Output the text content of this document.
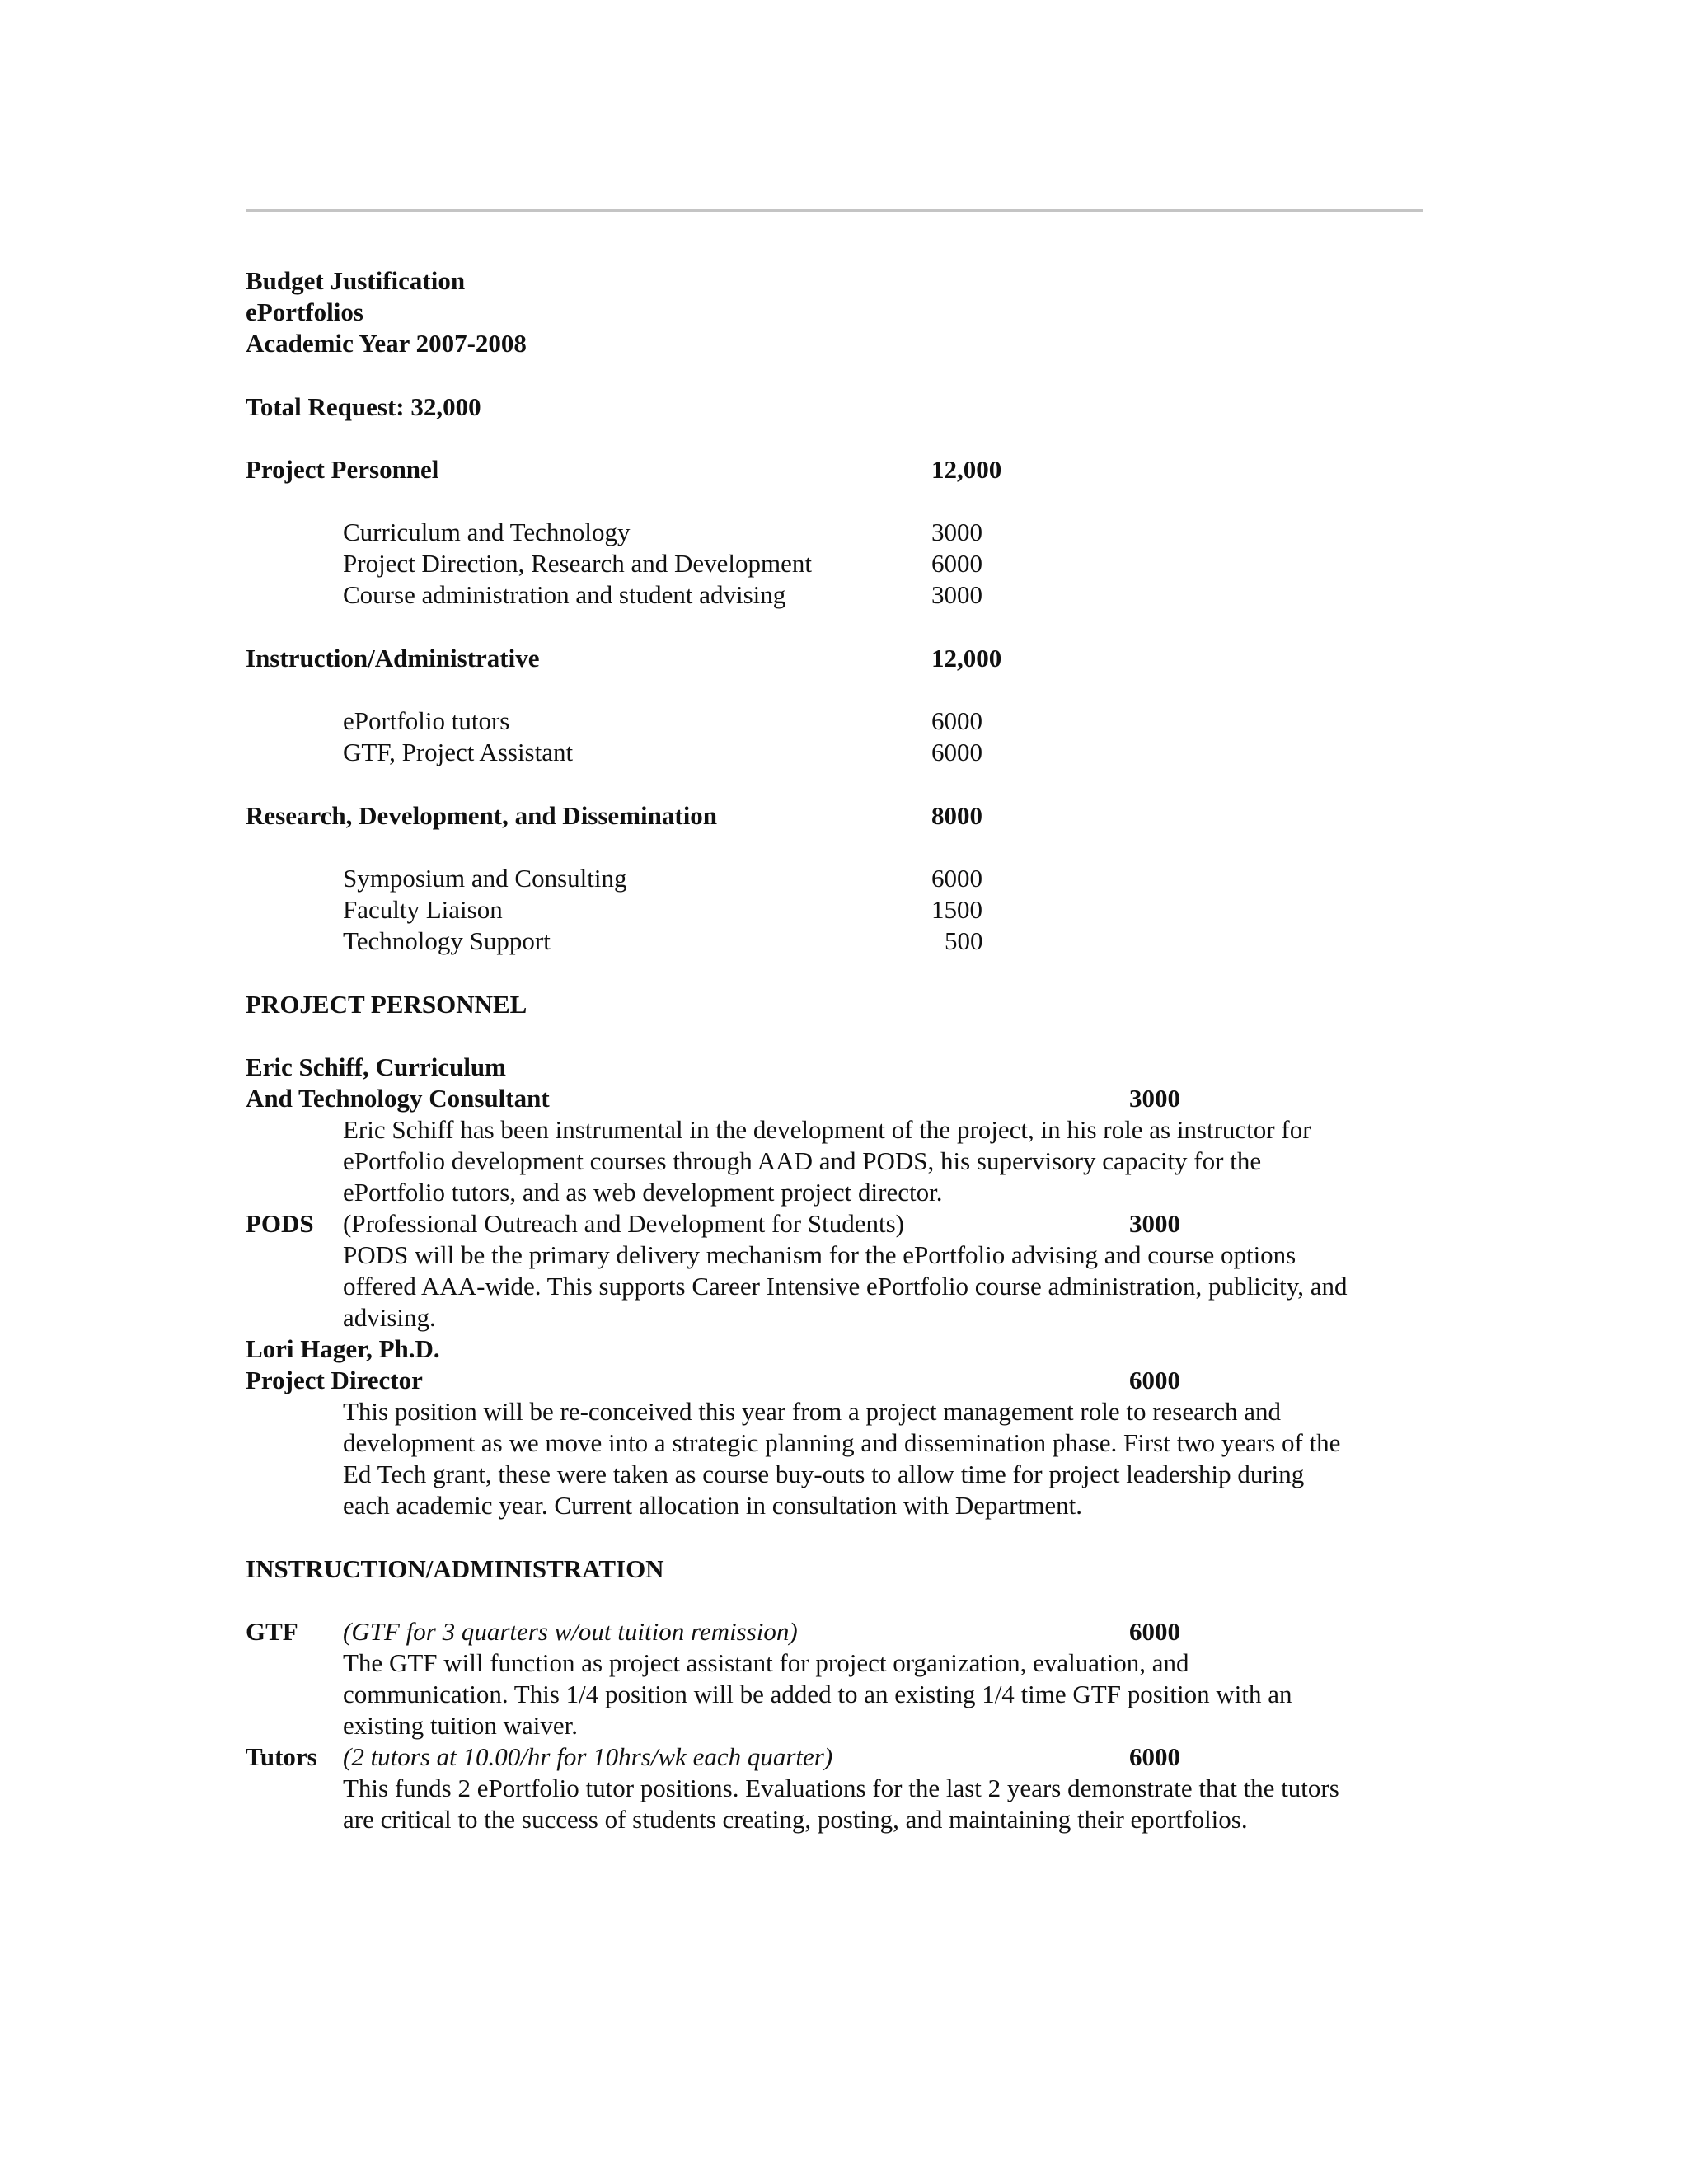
Budget Justification

ePortfolios

Academic Year 2007-2008

Total Request: 32,000

Project Personnel	12,000

Curriculum and Technology	3000

Project Direction, Research and Development	6000

Course administration and student advising	3000

Instruction/Administrative	12,000

ePortfolio tutors	6000

GTF, Project Assistant	6000

Research, Development, and Dissemination	8000

Symposium and Consulting	6000

Faculty Liaison	1500

Technology Support	500

PROJECT PERSONNEL

Eric Schiff, Curriculum

And Technology Consultant	3000

Eric Schiff has been instrumental in the development of the project, in his role as instructor for

ePortfolio development courses through AAD and PODS, his supervisory capacity for the

ePortfolio tutors, and as web development project director.

PODS (Professional Outreach and Development for Students)	3000

PODS will be the primary delivery mechanism for the ePortfolio advising and course options

offered AAA-wide. This supports Career Intensive ePortfolio course administration, publicity, and

advising.

Lori Hager, Ph.D.

Project Director	6000

This position will be re-conceived this year from a project management role to research and

development as we move into a strategic planning and dissemination phase. First two years of the

Ed Tech grant, these were taken as course buy-outs to allow time for project leadership during

each academic year. Current allocation in consultation with Department.

INSTRUCTION/ADMINISTRATION

GTF (GTF for 3 quarters w/out tuition remission)	6000

The GTF will function as project assistant for project organization, evaluation, and

communication. This 1/4 position will be added to an existing 1/4 time GTF position with an

existing tuition waiver.

Tutors (2 tutors at 10.00/hr for 10hrs/wk each quarter)	6000

This funds 2 ePortfolio tutor positions. Evaluations for the last 2 years demonstrate that the tutors

are critical to the success of students creating, posting, and maintaining their eportfolios.
